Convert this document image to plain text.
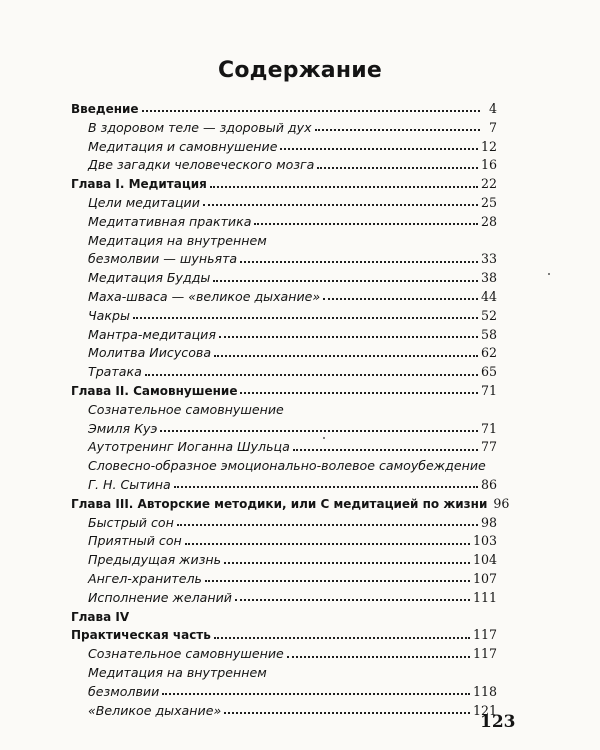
Содержание
Введение	4
В здоровом теле — здоровый дух	7
Медитация и самовнушение	12
Две загадки человеческого мозга	16
Глава I. Медитация	22
Цели медитации	25
Медитативная практика	28
Медитация на внутреннем
безмолвии — шуньята	33
Медитация Будды	38
Маха-швaса — «великое дыхание»	44
Чакры	52
Мантра-медитация	58
Молитва Иисусова	62
Тратака	65
Глава II. Самовнушение	71
Сознательное самовнушение
Эмиля Куэ	71
Аутотренинг Иоганна Шульца	77
Словесно-образное эмоционально-волевое самоубеждение
Г. Н. Сытина	86
Глава III. Авторские методики, или С медитацией по жизни 96
Быстрый сон	98
Приятный сон	103
Предыдущая жизнь	104
Ангел-хранитель	107
Исполнение желаний	111
Глава IV
Практическая часть	117
Сознательное самовнушение	117
Медитация на внутреннем
безмолвии	118
«Великое дыхание»	121
123
